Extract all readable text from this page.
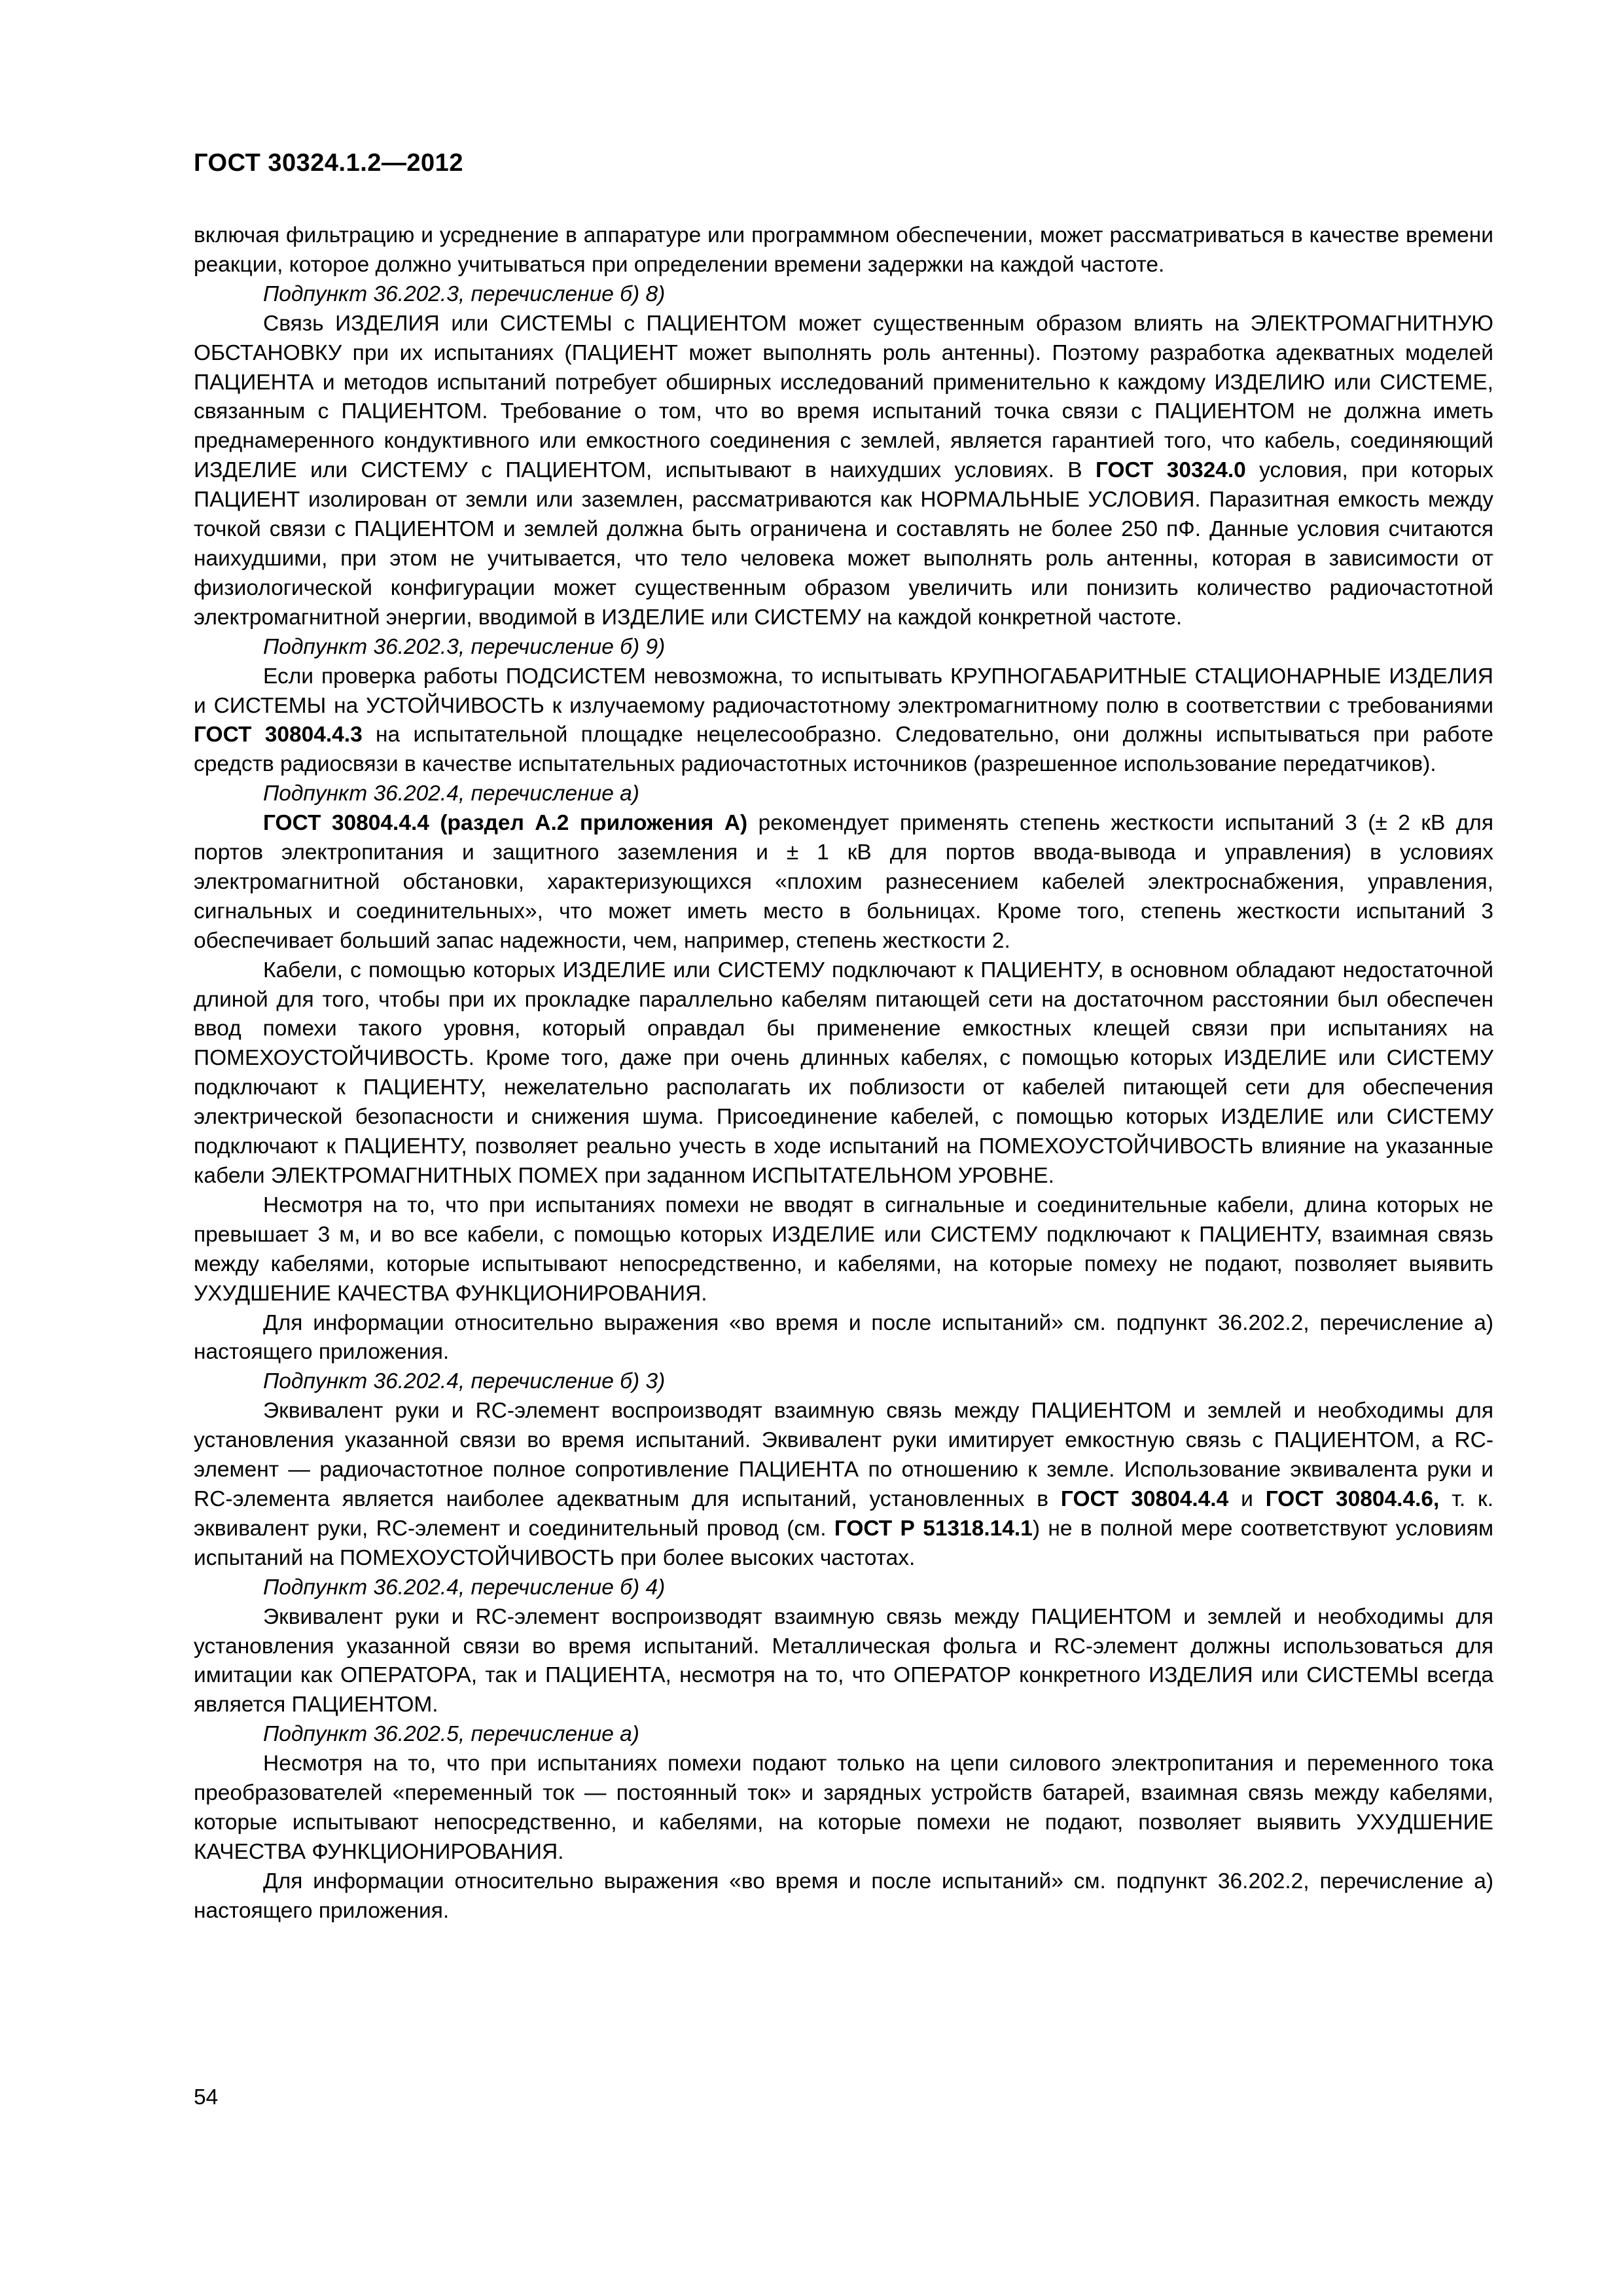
ГОСТ 30324.1.2—2012

включая фильтрацию и усреднение в аппаратуре или программном обеспечении, может рассматриваться в качестве времени реакции, которое должно учитываться при определении времени задержки на каждой частоте.

Подпункт 36.202.3, перечисление б) 8)

Связь ИЗДЕЛИЯ или СИСТЕМЫ с ПАЦИЕНТОМ может существенным образом влиять на ЭЛЕКТРОМАГНИТНУЮ ОБСТАНОВКУ при их испытаниях (ПАЦИЕНТ может выполнять роль антенны). Поэтому разработка адекватных моделей ПАЦИЕНТА и методов испытаний потребует обширных исследований применительно к каждому ИЗДЕЛИЮ или СИСТЕМЕ, связанным с ПАЦИЕНТОМ. Требование о том, что во время испытаний точка связи с ПАЦИЕНТОМ не должна иметь преднамеренного кондуктивного или емкостного соединения с землей, является гарантией того, что кабель, соединяющий ИЗДЕЛИЕ или СИСТЕМУ с ПАЦИЕНТОМ, испытывают в наихудших условиях. В ГОСТ 30324.0 условия, при которых ПАЦИЕНТ изолирован от земли или заземлен, рассматриваются как НОРМАЛЬНЫЕ УСЛОВИЯ. Паразитная емкость между точкой связи с ПАЦИЕНТОМ и землей должна быть ограничена и составлять не более 250 пФ. Данные условия считаются наихудшими, при этом не учитывается, что тело человека может выполнять роль антенны, которая в зависимости от физиологической конфигурации может существенным образом увеличить или понизить количество радиочастотной электромагнитной энергии, вводимой в ИЗДЕЛИЕ или СИСТЕМУ на каждой конкретной частоте.

Подпункт 36.202.3, перечисление б) 9)

Если проверка работы ПОДСИСТЕМ невозможна, то испытывать КРУПНОГАБАРИТНЫЕ СТАЦИОНАРНЫЕ ИЗДЕЛИЯ и СИСТЕМЫ на УСТОЙЧИВОСТЬ к излучаемому радиочастотному электромагнитному полю в соответствии с требованиями ГОСТ 30804.4.3 на испытательной площадке нецелесообразно. Следовательно, они должны испытываться при работе средств радиосвязи в качестве испытательных радиочастотных источников (разрешенное использование передатчиков).

Подпункт 36.202.4, перечисление а)

ГОСТ 30804.4.4 (раздел А.2 приложения А) рекомендует применять степень жесткости испытаний 3 (± 2 кВ для портов электропитания и защитного заземления и ± 1 кВ для портов ввода-вывода и управления) в условиях электромагнитной обстановки, характеризующихся «плохим разнесением кабелей электроснабжения, управления, сигнальных и соединительных», что может иметь место в больницах. Кроме того, степень жесткости испытаний 3 обеспечивает больший запас надежности, чем, например, степень жесткости 2.

Кабели, с помощью которых ИЗДЕЛИЕ или СИСТЕМУ подключают к ПАЦИЕНТУ, в основном обладают недостаточной длиной для того, чтобы при их прокладке параллельно кабелям питающей сети на достаточном расстоянии был обеспечен ввод помехи такого уровня, который оправдал бы применение емкостных клещей связи при испытаниях на ПОМЕХОУСТОЙЧИВОСТЬ. Кроме того, даже при очень длинных кабелях, с помощью которых ИЗДЕЛИЕ или СИСТЕМУ подключают к ПАЦИЕНТУ, нежелательно располагать их поблизости от кабелей питающей сети для обеспечения электрической безопасности и снижения шума. Присоединение кабелей, с помощью которых ИЗДЕЛИЕ или СИСТЕМУ подключают к ПАЦИЕНТУ, позволяет реально учесть в ходе испытаний на ПОМЕХОУСТОЙЧИВОСТЬ влияние на указанные кабели ЭЛЕКТРОМАГНИТНЫХ ПОМЕХ при заданном ИСПЫТАТЕЛЬНОМ УРОВНЕ.

Несмотря на то, что при испытаниях помехи не вводят в сигнальные и соединительные кабели, длина которых не превышает 3 м, и во все кабели, с помощью которых ИЗДЕЛИЕ или СИСТЕМУ подключают к ПАЦИЕНТУ, взаимная связь между кабелями, которые испытывают непосредственно, и кабелями, на которые помеху не подают, позволяет выявить УХУДШЕНИЕ КАЧЕСТВА ФУНКЦИОНИРОВАНИЯ.

Для информации относительно выражения «во время и после испытаний» см. подпункт 36.202.2, перечисление а) настоящего приложения.

Подпункт 36.202.4, перечисление б) 3)

Эквивалент руки и RC-элемент воспроизводят взаимную связь между ПАЦИЕНТОМ и землей и необходимы для установления указанной связи во время испытаний. Эквивалент руки имитирует емкостную связь с ПАЦИЕНТОМ, а RC-элемент — радиочастотное полное сопротивление ПАЦИЕНТА по отношению к земле. Использование эквивалента руки и RC-элемента является наиболее адекватным для испытаний, установленных в ГОСТ 30804.4.4 и ГОСТ 30804.4.6, т. к. эквивалент руки, RC-элемент и соединительный провод (см. ГОСТ Р 51318.14.1) не в полной мере соответствуют условиям испытаний на ПОМЕХОУСТОЙЧИВОСТЬ при более высоких частотах.

Подпункт 36.202.4, перечисление б) 4)

Эквивалент руки и RC-элемент воспроизводят взаимную связь между ПАЦИЕНТОМ и землей и необходимы для установления указанной связи во время испытаний. Металлическая фольга и RC-элемент должны использоваться для имитации как ОПЕРАТОРА, так и ПАЦИЕНТА, несмотря на то, что ОПЕРАТОР конкретного ИЗДЕЛИЯ или СИСТЕМЫ всегда является ПАЦИЕНТОМ.

Подпункт 36.202.5, перечисление а)

Несмотря на то, что при испытаниях помехи подают только на цепи силового электропитания и переменного тока преобразователей «переменный ток — постоянный ток» и зарядных устройств батарей, взаимная связь между кабелями, которые испытывают непосредственно, и кабелями, на которые помехи не подают, позволяет выявить УХУДШЕНИЕ КАЧЕСТВА ФУНКЦИОНИРОВАНИЯ.

Для информации относительно выражения «во время и после испытаний» см. подпункт 36.202.2, перечисление а) настоящего приложения.

54
